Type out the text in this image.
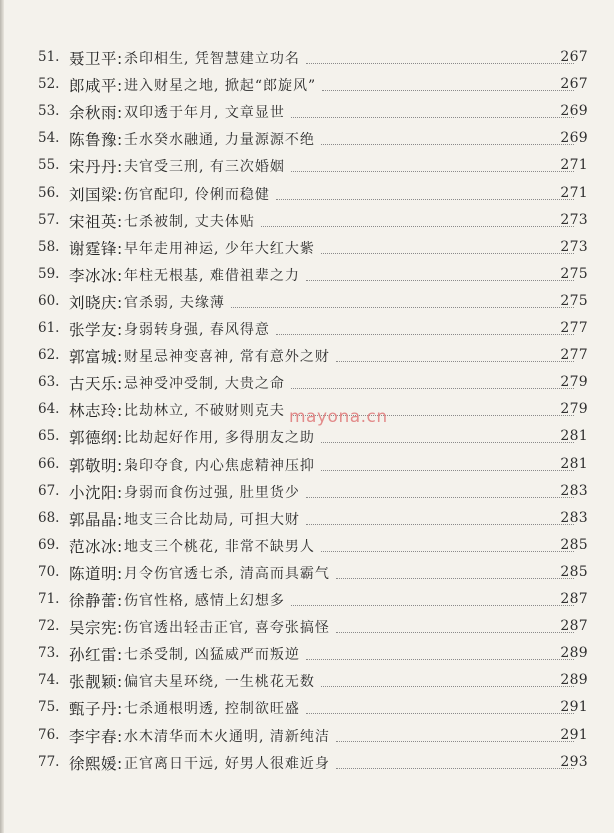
51. 聂卫平: 杀印相生, 凭智慧建立功名	267
52. 郎咸平: 进入财星之地, 掀起“郎旋风”	267
53. 余秋雨: 双印透于年月, 文章显世	269
54. 陈鲁豫: 壬水癸水融通, 力量源源不绝	269
55. 宋丹丹: 夫官受三刑, 有三次婚姻	271
56. 刘国梁: 伤官配印, 伶俐而稳健	271
57. 宋祖英: 七杀被制, 丈夫体贴	273
58. 谢霆锋: 早年走用神运, 少年大红大紫	273
59. 李冰冰: 年柱无根基, 难借祖辈之力	275
60. 刘晓庆: 官杀弱, 夫缘薄	275
61. 张学友: 身弱转身强, 春风得意	277
62. 郭富城: 财星忌神变喜神, 常有意外之财	277
63. 古天乐: 忌神受冲受制, 大贵之命	279
64. 林志玲: 比劫林立, 不破财则克夫	279
65. 郭德纲: 比劫起好作用, 多得朋友之助	281
66. 郭敬明: 枭印夺食, 内心焦虑精神压抑	281
67. 小沈阳: 身弱而食伤过强, 肚里货少	283
68. 郭晶晶: 地支三合比劫局, 可担大财	283
69. 范冰冰: 地支三个桃花, 非常不缺男人	285
70. 陈道明: 月令伤官透七杀, 清高而具霸气	285
71. 徐静蕾: 伤官性格, 感情上幻想多	287
72. 吴宗宪: 伤官透出轻击正官, 喜夸张搞怪	287
73. 孙红雷: 七杀受制, 凶猛威严而叛逆	289
74. 张靓颖: 偏官夫星环绕, 一生桃花无数	289
75. 甄子丹: 七杀通根明透, 控制欲旺盛	291
76. 李宇春: 水木清华而木火通明, 清新纯洁	291
77. 徐熙媛: 正官离日干远, 好男人很难近身	293
mayona.cn
